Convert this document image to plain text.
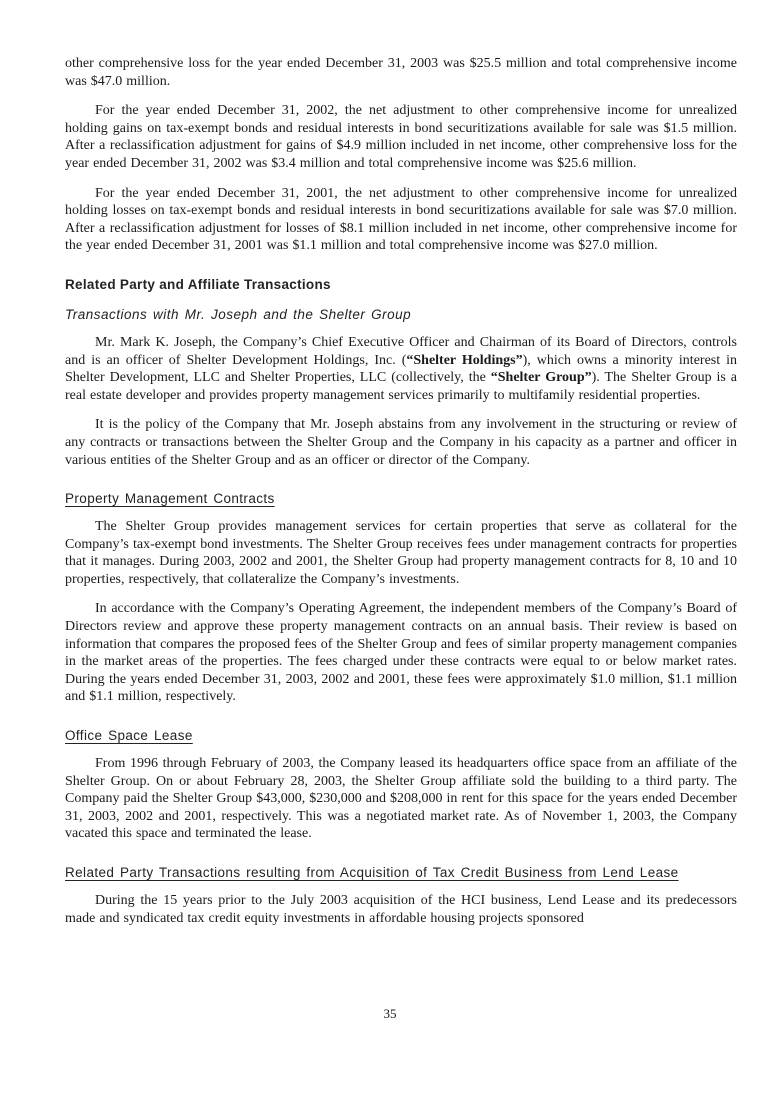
other comprehensive loss for the year ended December 31, 2003 was $25.5 million and total comprehensive income was $47.0 million.

For the year ended December 31, 2002, the net adjustment to other comprehensive income for unrealized holding gains on tax-exempt bonds and residual interests in bond securitizations available for sale was $1.5 million. After a reclassification adjustment for gains of $4.9 million included in net income, other comprehensive loss for the year ended December 31, 2002 was $3.4 million and total comprehensive income was $25.6 million.

For the year ended December 31, 2001, the net adjustment to other comprehensive income for unrealized holding losses on tax-exempt bonds and residual interests in bond securitizations available for sale was $7.0 million. After a reclassification adjustment for losses of $8.1 million included in net income, other comprehensive income for the year ended December 31, 2001 was $1.1 million and total comprehensive income was $27.0 million.

Related Party and Affiliate Transactions
Transactions with Mr. Joseph and the Shelter Group

Mr. Mark K. Joseph, the Company’s Chief Executive Officer and Chairman of its Board of Directors, controls and is an officer of Shelter Development Holdings, Inc. (“Shelter Holdings”), which owns a minority interest in Shelter Development, LLC and Shelter Properties, LLC (collectively, the “Shelter Group”). The Shelter Group is a real estate developer and provides property management services primarily to multifamily residential properties.

It is the policy of the Company that Mr. Joseph abstains from any involvement in the structuring or review of any contracts or transactions between the Shelter Group and the Company in his capacity as a partner and officer in various entities of the Shelter Group and as an officer or director of the Company.

Property Management Contracts

The Shelter Group provides management services for certain properties that serve as collateral for the Company’s tax-exempt bond investments. The Shelter Group receives fees under management contracts for properties that it manages. During 2003, 2002 and 2001, the Shelter Group had property management contracts for 8, 10 and 10 properties, respectively, that collateralize the Company’s investments.

In accordance with the Company’s Operating Agreement, the independent members of the Company’s Board of Directors review and approve these property management contracts on an annual basis. Their review is based on information that compares the proposed fees of the Shelter Group and fees of similar property management companies in the market areas of the properties. The fees charged under these contracts were equal to or below market rates. During the years ended December 31, 2003, 2002 and 2001, these fees were approximately $1.0 million, $1.1 million and $1.1 million, respectively.

Office Space Lease

From 1996 through February of 2003, the Company leased its headquarters office space from an affiliate of the Shelter Group. On or about February 28, 2003, the Shelter Group affiliate sold the building to a third party. The Company paid the Shelter Group $43,000, $230,000 and $208,000 in rent for this space for the years ended December 31, 2003, 2002 and 2001, respectively. This was a negotiated market rate. As of November 1, 2003, the Company vacated this space and terminated the lease.

Related Party Transactions resulting from Acquisition of Tax Credit Business from Lend Lease

During the 15 years prior to the July 2003 acquisition of the HCI business, Lend Lease and its predecessors made and syndicated tax credit equity investments in affordable housing projects sponsored

35
